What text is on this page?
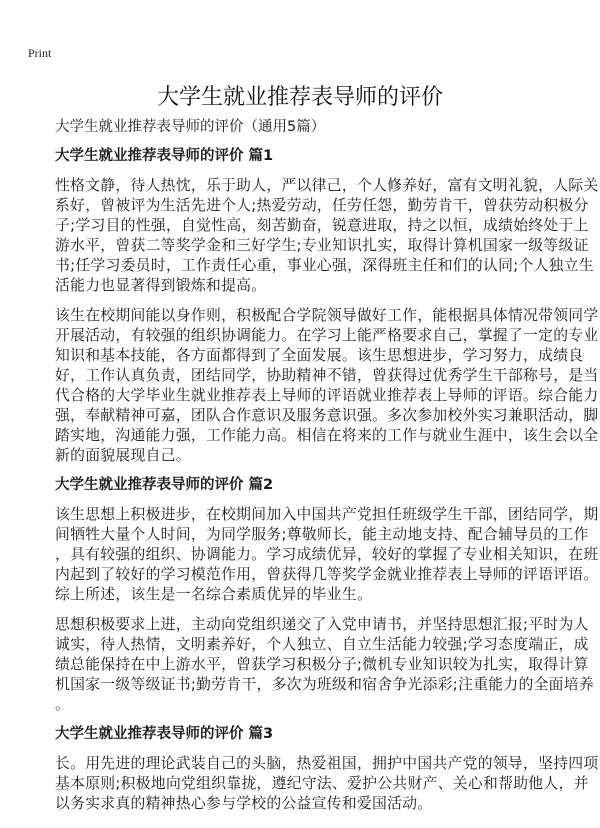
Print
大学生就业推荐表导师的评价
大学生就业推荐表导师的评价（通用5篇）
大学生就业推荐表导师的评价 篇1
性格文静，待人热忱，乐于助人，严以律己，个人修养好，富有文明礼貌，人际关
系好，曾被评为生活先进个人;热爱劳动，任劳任怨，勤劳肯干，曾获劳动积极分
子;学习目的性强，自觉性高，刻苦勤奋，锐意进取，持之以恒，成绩始终处于上
游水平，曾获二等奖学金和三好学生;专业知识扎实，取得计算机国家一级等级证
书;任学习委员时，工作责任心重，事业心强，深得班主任和们的认同;个人独立生
活能力也显著得到锻炼和提高。
该生在校期间能以身作则，积极配合学院领导做好工作，能根据具体情况带领同学
开展活动，有较强的组织协调能力。在学习上能严格要求自己，掌握了一定的专业
知识和基本技能，各方面都得到了全面发展。该生思想进步，学习努力，成绩良
好，工作认真负责，团结同学，协助精神不错，曾获得过优秀学生干部称号，是当
代合格的大学毕业生就业推荐表上导师的评语就业推荐表上导师的评语。综合能力
强，奉献精神可嘉，团队合作意识及服务意识强。多次参加校外实习兼职活动，脚
踏实地，沟通能力强，工作能力高。相信在将来的工作与就业生涯中，该生会以全
新的面貌展现自己。
大学生就业推荐表导师的评价 篇2
该生思想上积极进步，在校期间加入中国共产党担任班级学生干部，团结同学，期
间牺牲大量个人时间，为同学服务;尊敬师长，能主动地支持、配合辅导员的工作
，具有较强的组织、协调能力。学习成绩优异，较好的掌握了专业相关知识，在班
内起到了较好的学习模范作用，曾获得几等奖学金就业推荐表上导师的评语评语。
综上所述，该生是一名综合素质优异的毕业生。
思想积极要求上进，主动向党组织递交了入党申请书，并坚持思想汇报;平时为人
诚实，待人热情，文明素养好，个人独立、自立生活能力较强;学习态度端正，成
绩总能保持在中上游水平，曾获学习积极分子;微机专业知识较为扎实，取得计算
机国家一级等级证书;勤劳肯干，多次为班级和宿舍争光添彩;注重能力的全面培养
。
大学生就业推荐表导师的评价 篇3
长。用先进的理论武装自己的头脑，热爱祖国，拥护中国共产党的领导，坚持四项
基本原则;积极地向党组织靠拢，遵纪守法、爱护公共财产、关心和帮助他人，并
以务实求真的精神热心参与学校的公益宣传和爱国活动。
